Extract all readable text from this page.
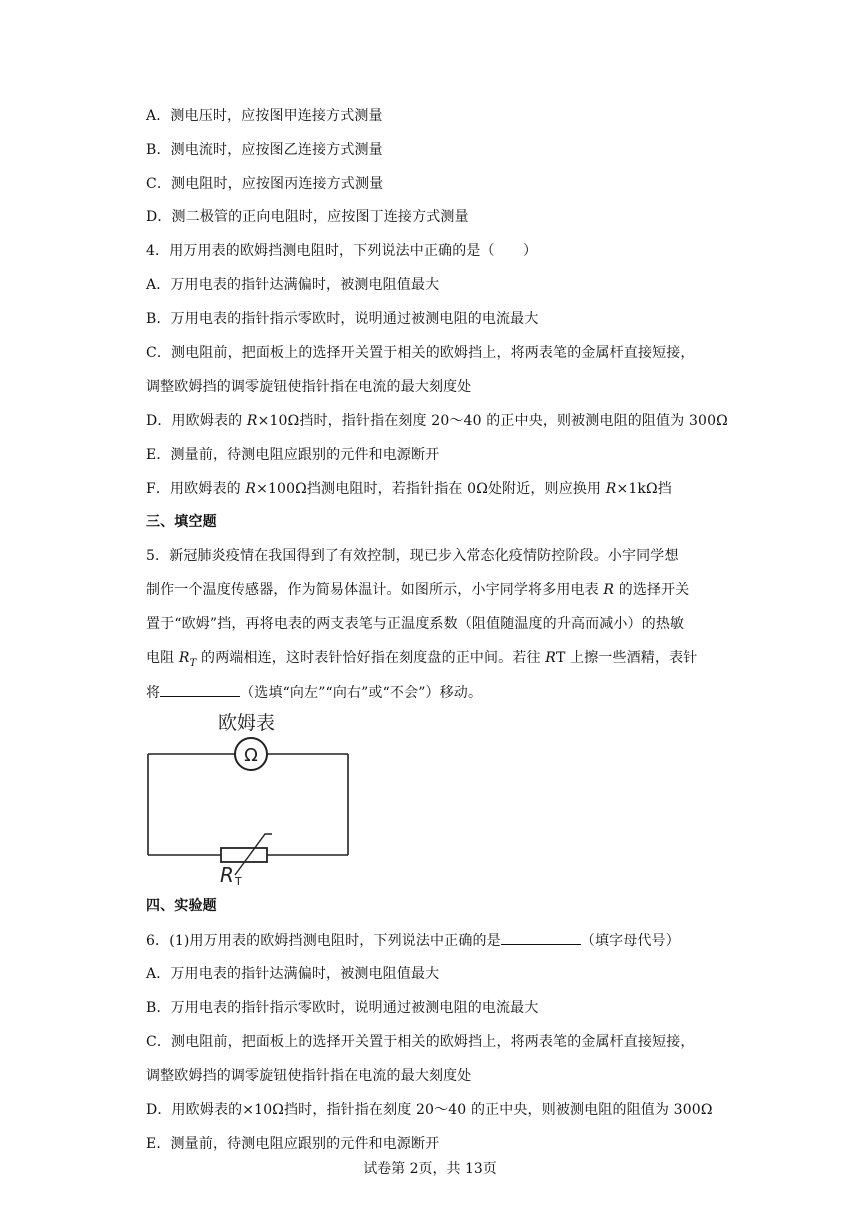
A．测电压时，应按图甲连接方式测量
B．测电流时，应按图乙连接方式测量
C．测电阻时，应按图丙连接方式测量
D．测二极管的正向电阻时，应按图丁连接方式测量
4．用万用表的欧姆挡测电阻时，下列说法中正确的是（　　）
A．万用电表的指针达满偏时，被测电阻值最大
B．万用电表的指针指示零欧时，说明通过被测电阻的电流最大
C．测电阻前，把面板上的选择开关置于相关的欧姆挡上，将两表笔的金属杆直接短接，
调整欧姆挡的调零旋钮使指针指在电流的最大刻度处
D．用欧姆表的 R×10Ω挡时，指针指在刻度 20～40 的正中央，则被测电阻的阻值为 300Ω
E．测量前，待测电阻应跟别的元件和电源断开
F．用欧姆表的 R×100Ω挡测电阻时，若指针指在 0Ω处附近，则应换用 R×1kΩ挡
三、填空题
5．新冠肺炎疫情在我国得到了有效控制，现已步入常态化疫情防控阶段。小宇同学想
制作一个温度传感器，作为简易体温计。如图所示，小宇同学将多用电表 R 的选择开关
置于“欧姆”挡，再将电表的两支表笔与正温度系数（阻值随温度的升高而减小）的热敏
电阻 $R_T$ 的两端相连，这时表针恰好指在刻度盘的正中间。若往 RT 上擦一些酒精，表针
将	（选填“向左”“向右”或“不会”）移动。
欧姆表
Ω
R T
四、实验题
6．(1)用万用表的欧姆挡测电阻时，下列说法中正确的是	（填字母代号）
A．万用电表的指针达满偏时，被测电阻值最大
B．万用电表的指针指示零欧时，说明通过被测电阻的电流最大
C．测电阻前，把面板上的选择开关置于相关的欧姆挡上，将两表笔的金属杆直接短接，
调整欧姆挡的调零旋钮使指针指在电流的最大刻度处
D．用欧姆表的×10Ω挡时，指针指在刻度 20～40 的正中央，则被测电阻的阻值为 300Ω
E．测量前，待测电阻应跟别的元件和电源断开
试卷第 2页，共 13页
